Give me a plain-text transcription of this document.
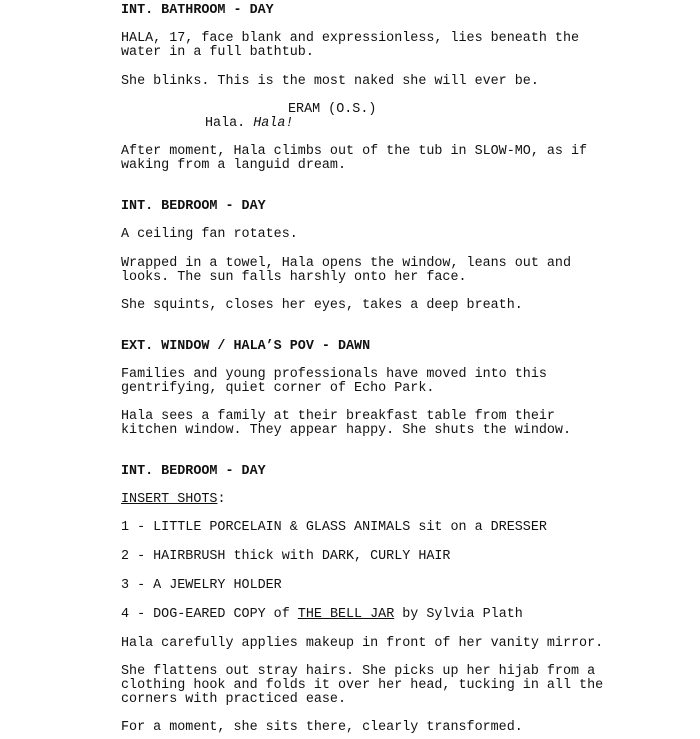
INT. BATHROOM - DAY
HALA, 17, face blank and expressionless, lies beneath the
water in a full bathtub.
She blinks. This is the most naked she will ever be.
ERAM (O.S.)
Hala. Hala!
After moment, Hala climbs out of the tub in SLOW-MO, as if
waking from a languid dream.
INT. BEDROOM - DAY
A ceiling fan rotates.
Wrapped in a towel, Hala opens the window, leans out and
looks. The sun falls harshly onto her face.
She squints, closes her eyes, takes a deep breath.
EXT. WINDOW / HALA’S POV - DAWN
Families and young professionals have moved into this
gentrifying, quiet corner of Echo Park.
Hala sees a family at their breakfast table from their
kitchen window. They appear happy. She shuts the window.
INT. BEDROOM - DAY
INSERT SHOTS:
1 - LITTLE PORCELAIN & GLASS ANIMALS sit on a DRESSER
2 - HAIRBRUSH thick with DARK, CURLY HAIR
3 - A JEWELRY HOLDER
4 - DOG-EARED COPY of THE BELL JAR by Sylvia Plath
Hala carefully applies makeup in front of her vanity mirror.
She flattens out stray hairs. She picks up her hijab from a
clothing hook and folds it over her head, tucking in all the
corners with practiced ease.
For a moment, she sits there, clearly transformed.
